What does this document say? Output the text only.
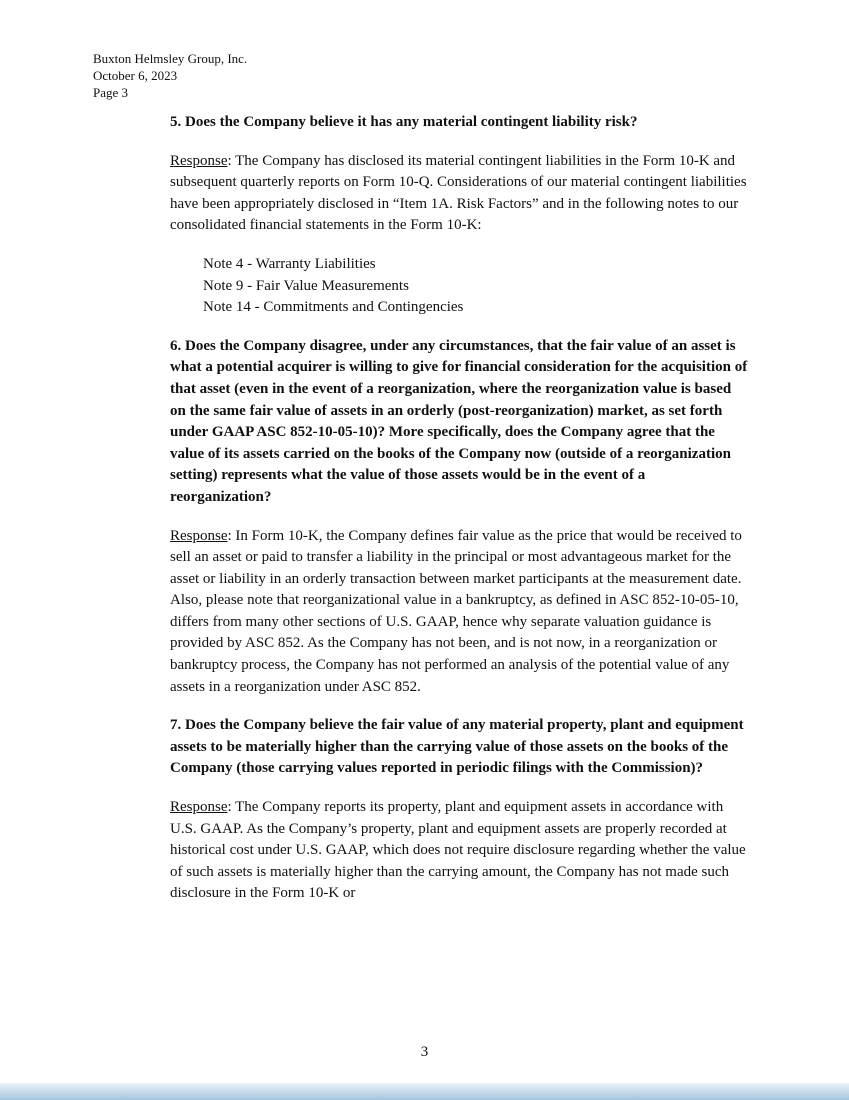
Buxton Helmsley Group, Inc.
October 6, 2023
Page 3

5. Does the Company believe it has any material contingent liability risk?

Response: The Company has disclosed its material contingent liabilities in the Form 10-K and subsequent quarterly reports on Form 10-Q. Considerations of our material contingent liabilities have been appropriately disclosed in “Item 1A. Risk Factors” and in the following notes to our consolidated financial statements in the Form 10-K:

Note 4 - Warranty Liabilities
Note 9 - Fair Value Measurements
Note 14 - Commitments and Contingencies

6. Does the Company disagree, under any circumstances, that the fair value of an asset is what a potential acquirer is willing to give for financial consideration for the acquisition of that asset (even in the event of a reorganization, where the reorganization value is based on the same fair value of assets in an orderly (post-reorganization) market, as set forth under GAAP ASC 852-10-05-10)? More specifically, does the Company agree that the value of its assets carried on the books of the Company now (outside of a reorganization setting) represents what the value of those assets would be in the event of a reorganization?

Response: In Form 10-K, the Company defines fair value as the price that would be received to sell an asset or paid to transfer a liability in the principal or most advantageous market for the asset or liability in an orderly transaction between market participants at the measurement date. Also, please note that reorganizational value in a bankruptcy, as defined in ASC 852-10-05-10, differs from many other sections of U.S. GAAP, hence why separate valuation guidance is provided by ASC 852. As the Company has not been, and is not now, in a reorganization or bankruptcy process, the Company has not performed an analysis of the potential value of any assets in a reorganization under ASC 852.

7. Does the Company believe the fair value of any material property, plant and equipment assets to be materially higher than the carrying value of those assets on the books of the Company (those carrying values reported in periodic filings with the Commission)?

Response: The Company reports its property, plant and equipment assets in accordance with U.S. GAAP. As the Company’s property, plant and equipment assets are properly recorded at historical cost under U.S. GAAP, which does not require disclosure regarding whether the value of such assets is materially higher than the carrying amount, the Company has not made such disclosure in the Form 10-K or

3
